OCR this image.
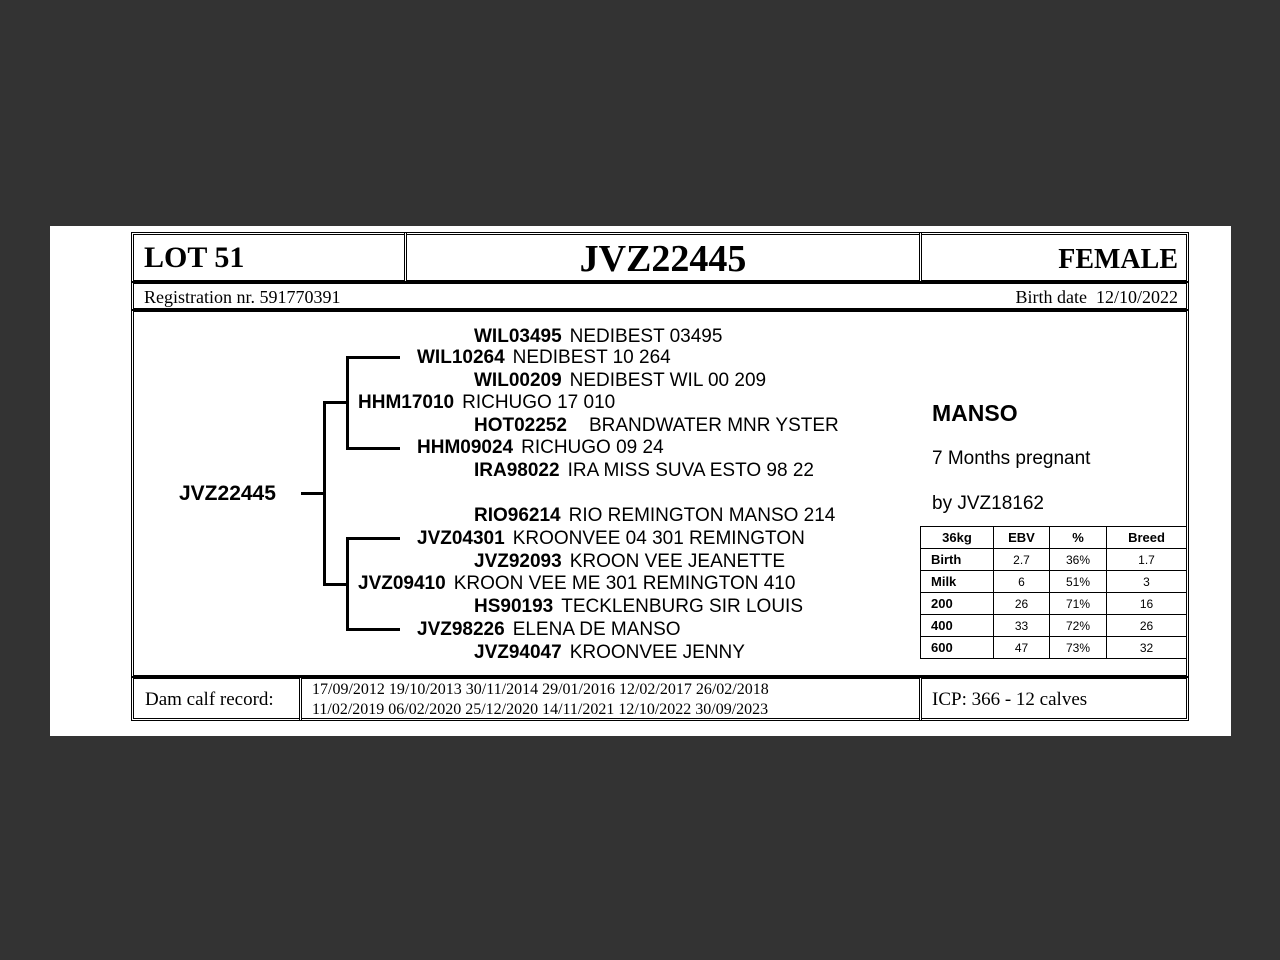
LOT 51	JVZ22445	FEMALE
Registration nr. 591770391	Birth date 12/10/2022
JVZ22445
WIL03495 NEDIBEST 03495
WIL10264 NEDIBEST 10 264
WIL00209 NEDIBEST WIL 00 209
HHM17010 RICHUGO 17 010
HOT02252 BRANDWATER MNR YSTER
HHM09024 RICHUGO 09 24
IRA98022 IRA MISS SUVA ESTO 98 22
RIO96214 RIO REMINGTON MANSO 214
JVZ04301 KROONVEE 04 301 REMINGTON
JVZ92093 KROON VEE JEANETTE
JVZ09410 KROON VEE ME 301 REMINGTON 410
HS90193 TECKLENBURG SIR LOUIS
JVZ98226 ELENA DE MANSO
JVZ94047 KROONVEE JENNY
MANSO
7 Months pregnant
by JVZ18162
36kg	EBV	%	Breed
Birth	2.7	36%	1.7
Milk	6	51%	3
200	26	71%	16
400	33	72%	26
600	47	73%	32
Dam calf record: 17/09/2012 19/10/2013 30/11/2014 29/01/2016 12/02/2017 26/02/2018
11/02/2019 06/02/2020 25/12/2020 14/11/2021 12/10/2022 30/09/2023	ICP: 366 - 12 calves
